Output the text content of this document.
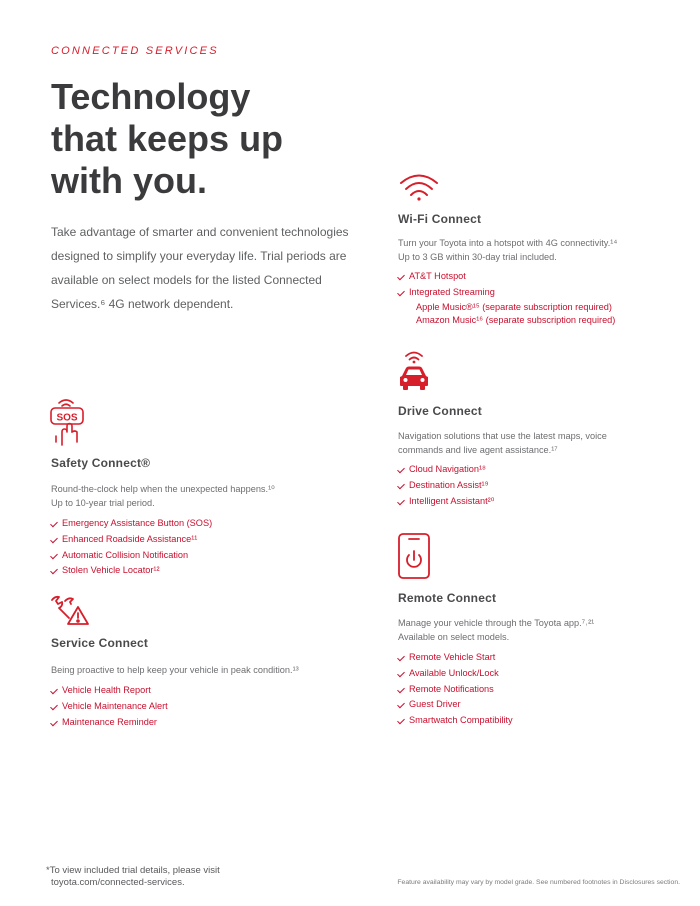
CONNECTED SERVICES
Technology
that keeps up
with you.

Take advantage of smarter and convenient technologies designed to simplify your everyday life. Trial periods are available on select models for the listed Connected Services.⁶ 4G network dependent.

Wi-Fi Connect

Turn your Toyota into a hotspot with 4G connectivity.¹⁴
Up to 3 GB within 30-day trial included.

AT&T Hotspot
Integrated Streaming
Apple Music®¹⁵ (separate subscription required)
Amazon Music¹⁶ (separate subscription required)
Drive Connect

Navigation solutions that use the latest maps, voice
commands and live agent assistance.¹⁷

Cloud Navigation¹⁸
Destination Assist¹⁹
Intelligent Assistant²⁰
SOS
Safety Connect®

Round-the-clock help when the unexpected happens.¹⁰
Up to 10-year trial period.

Emergency Assistance Button (SOS)
Enhanced Roadside Assistance¹¹
Automatic Collision Notification
Stolen Vehicle Locator¹²
Remote Connect

Manage your vehicle through the Toyota app.⁷˒²¹
Available on select models.

Remote Vehicle Start
Available Unlock/Lock
Remote Notifications
Guest Driver
Smartwatch Compatibility
Service Connect

Being proactive to help keep your vehicle in peak condition.¹³

Vehicle Health Report
Vehicle Maintenance Alert
Maintenance Reminder

*To view included trial details, please visit
toyota.com/connected-services.	Feature availability may vary by model grade. See numbered footnotes in Disclosures section.
